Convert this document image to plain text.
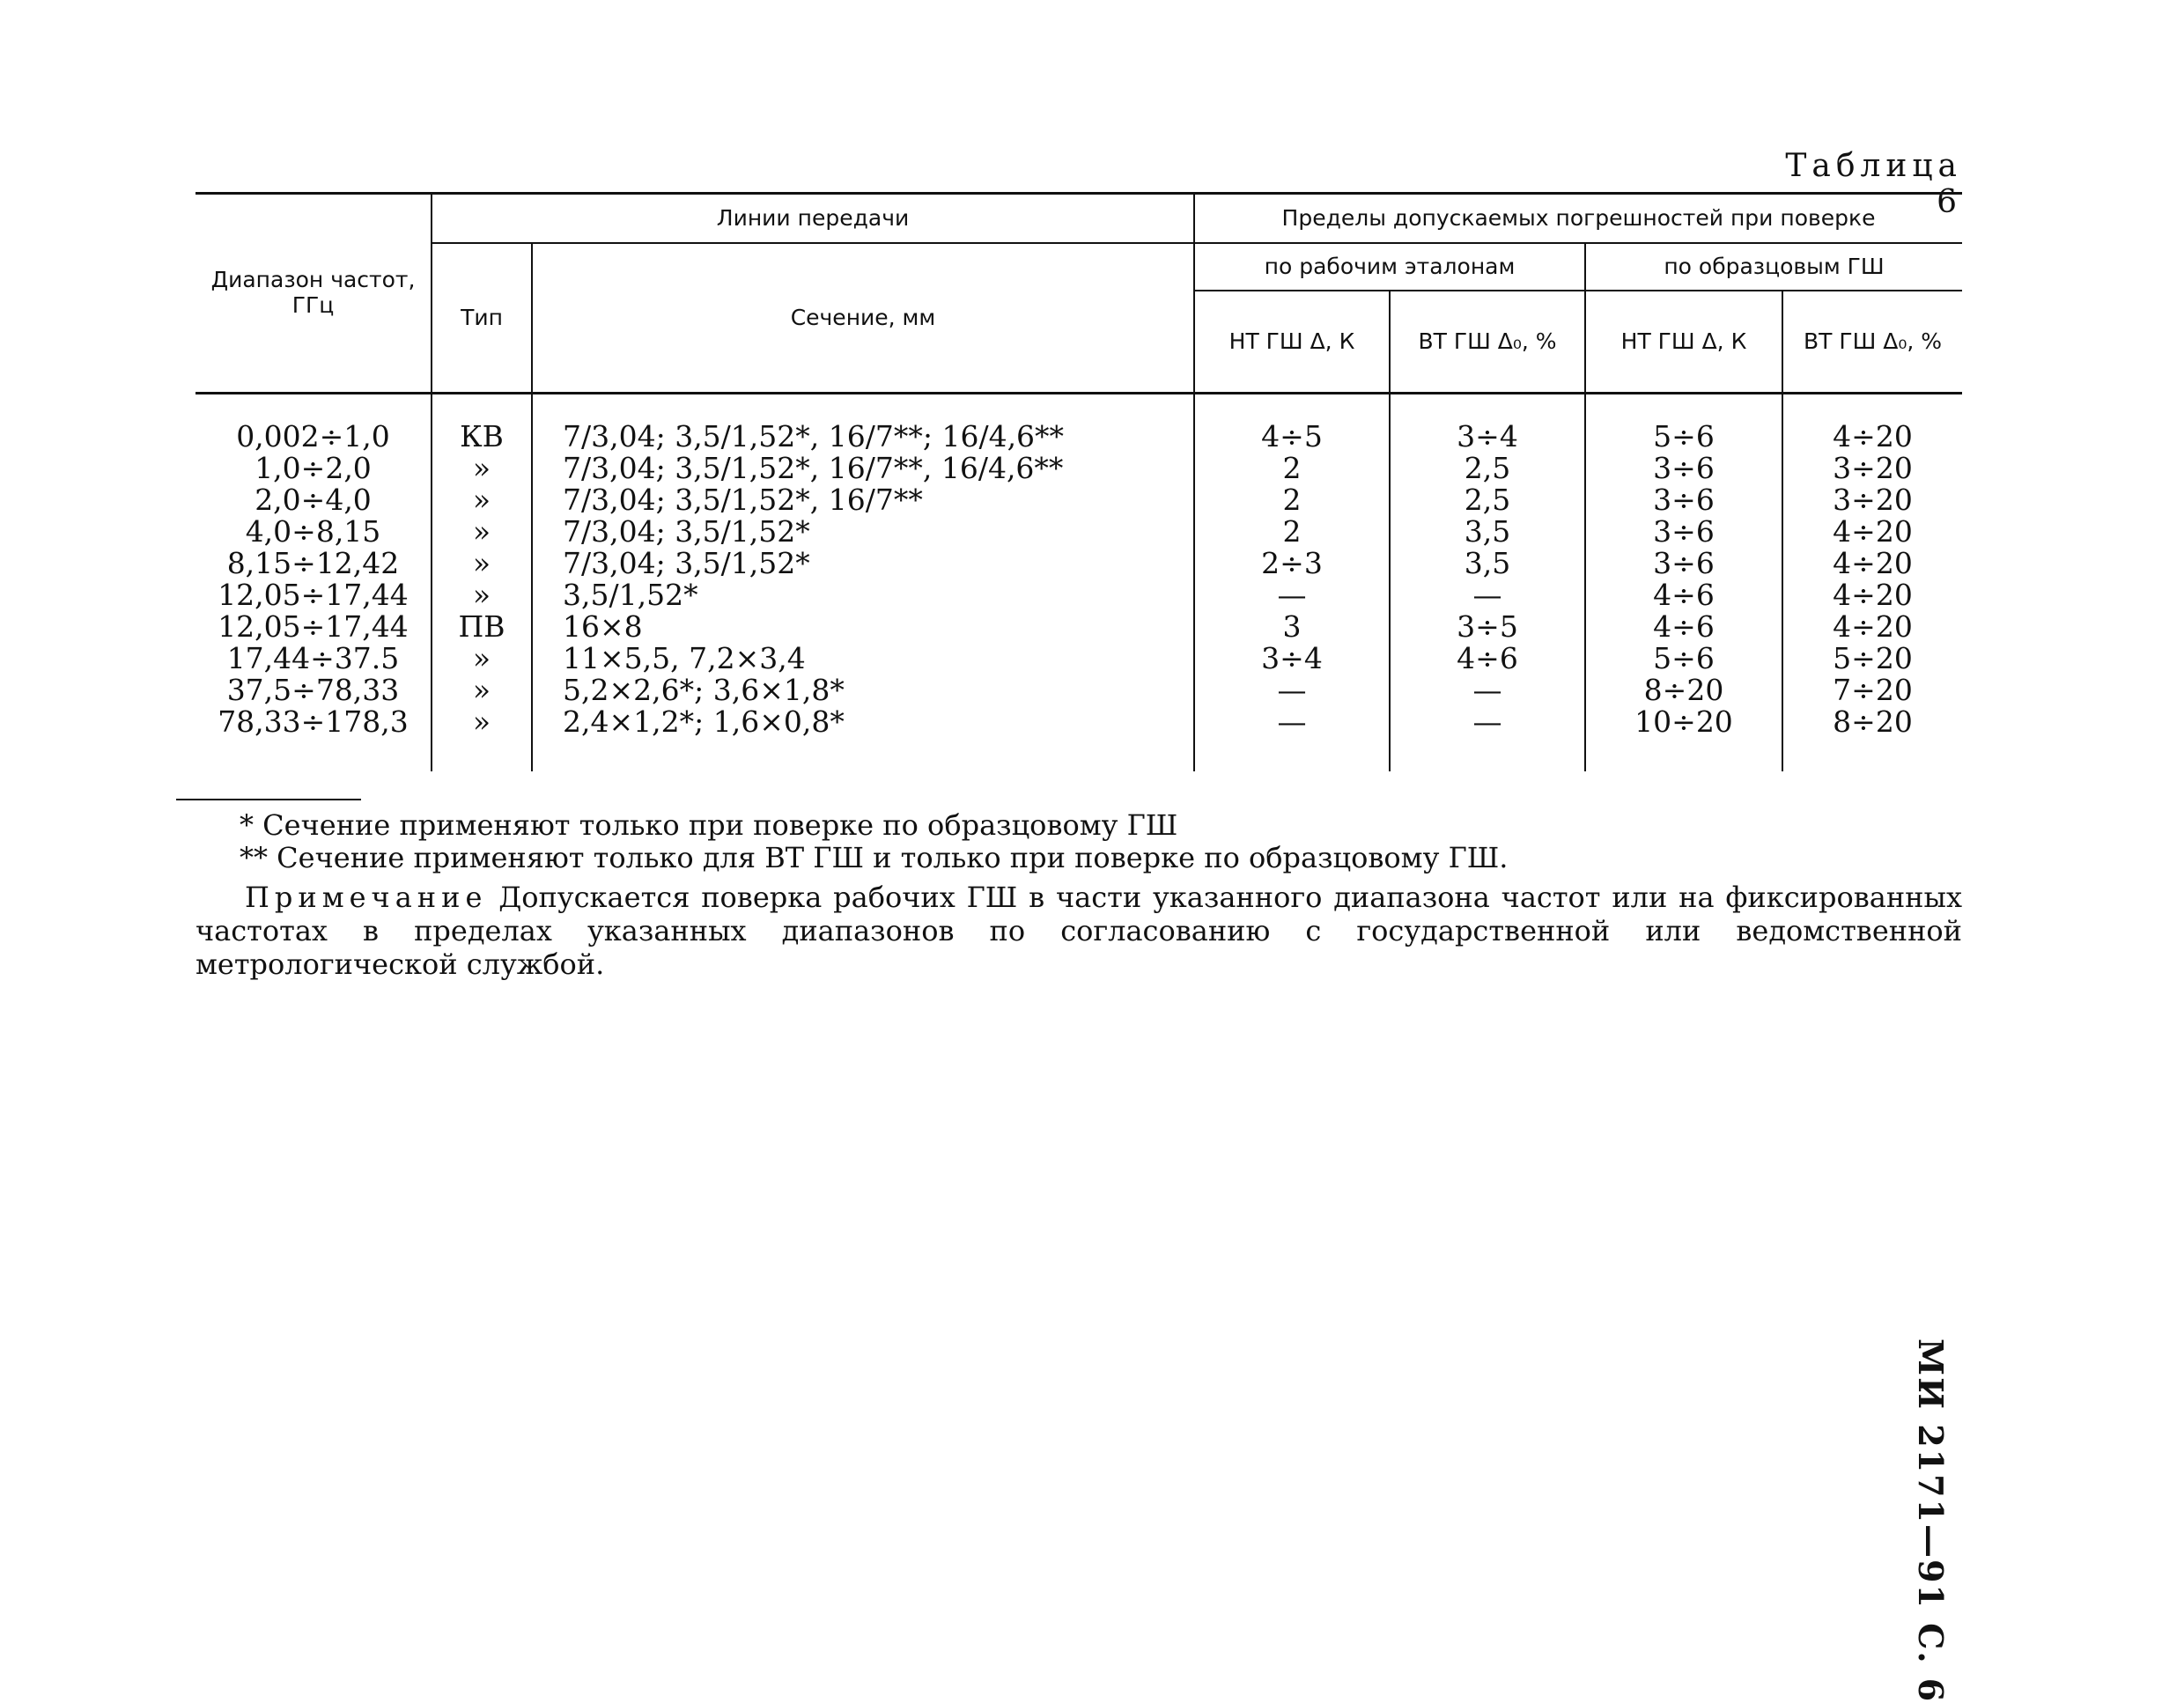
Таблица 6
Диапазон частот, ГГц	Линии передачи		Пределы допускаемых погрешностей при поверке			
	Тип	Сечение, мм	по рабочим эталонам		по образцовым ГШ	
			НТ ГШ Δ, К	ВТ ГШ Δ₀, %	НТ ГШ Δ, К	ВТ ГШ Δ₀, %
0,002÷1,0	КВ	7/3,04; 3,5/1,52*, 16/7**; 16/4,6**	4÷5	3÷4	5÷6	4÷20
1,0÷2,0	»	7/3,04; 3,5/1,52*, 16/7**, 16/4,6**	2	2,5	3÷6	3÷20
2,0÷4,0	»	7/3,04; 3,5/1,52*, 16/7**	2	2,5	3÷6	3÷20
4,0÷8,15	»	7/3,04; 3,5/1,52*	2	3,5	3÷6	4÷20
8,15÷12,42	»	7/3,04; 3,5/1,52*	2÷3	3,5	3÷6	4÷20
12,05÷17,44	»	3,5/1,52*	—	—	4÷6	4÷20
12,05÷17,44	ПВ	16×8	3	3÷5	4÷6	4÷20
17,44÷37.5	»	11×5,5, 7,2×3,4	3÷4	4÷6	5÷6	5÷20
37,5÷78,33	»	5,2×2,6*; 3,6×1,8*	—	—	8÷20	7÷20
78,33÷178,3	»	2,4×1,2*; 1,6×0,8*	—	—	10÷20	8÷20
* Сечение применяют только при поверке по образцовому ГШ
** Сечение применяют только для ВТ ГШ и только при поверке по образцовому ГШ.
Примечание Допускается поверка рабочих ГШ в части указанного диапазона частот или на фиксированных частотах в пределах указанных диапазонов по согласованию с государственной или ведомственной метрологической службой.
МИ 2171—91 С. 6
